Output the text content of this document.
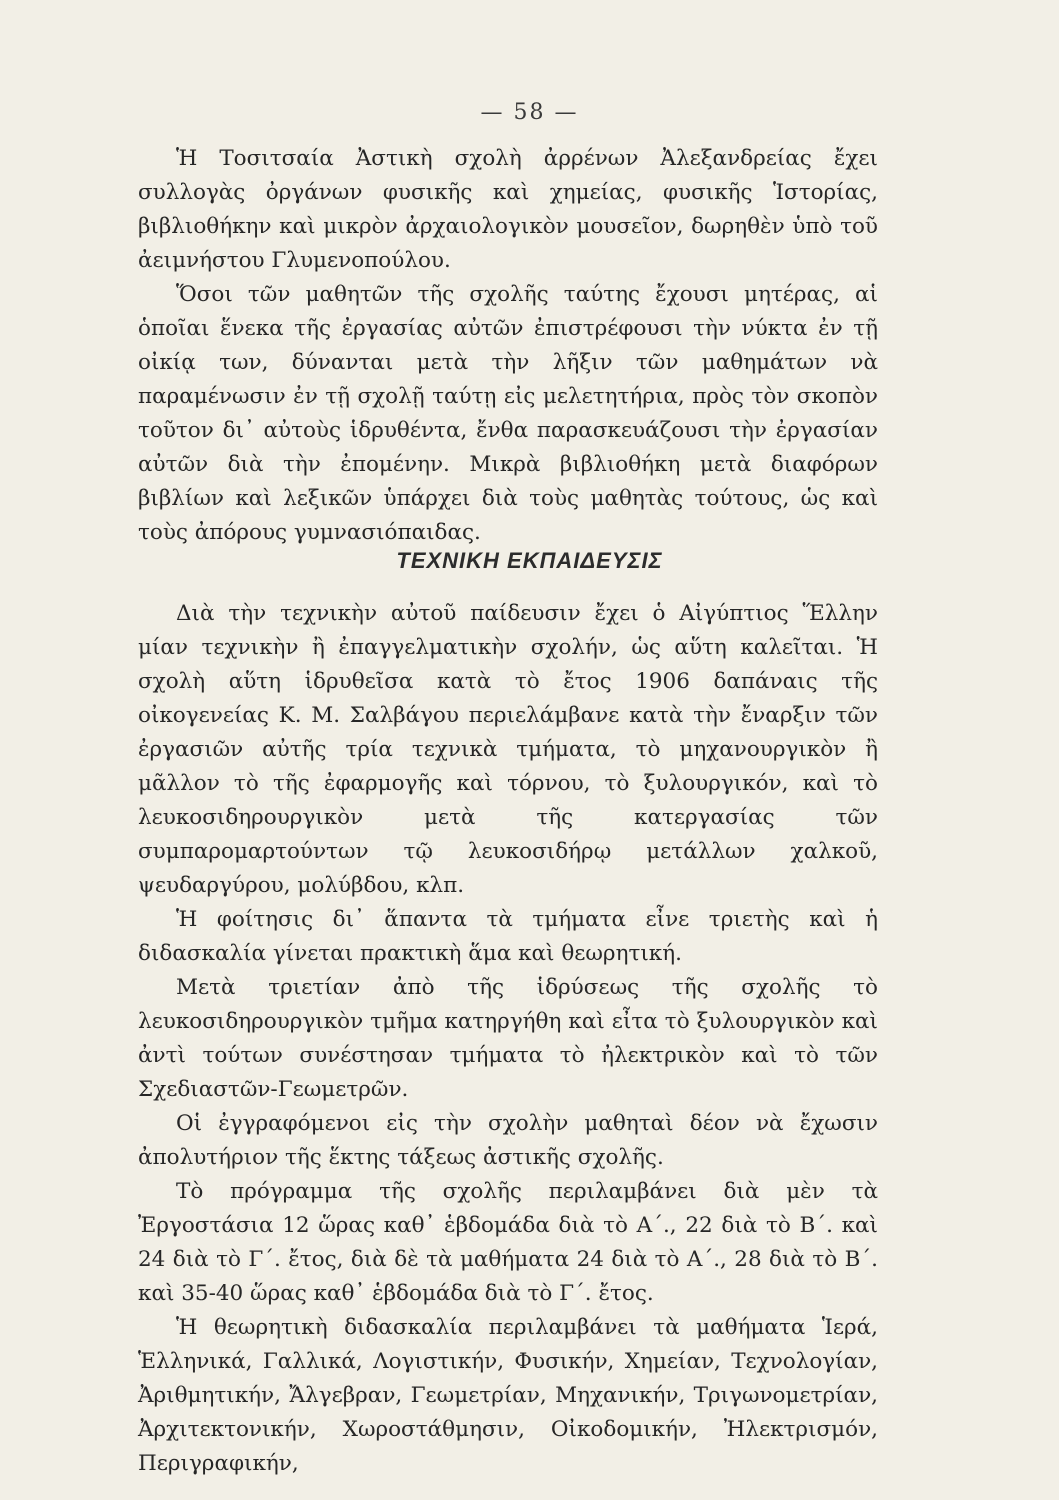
— 58 —

Ἡ Τοσιτσαία Ἀστικὴ σχολὴ ἀρρένων Ἀλεξανδρείας ἔχει συλλογὰς ὀργάνων φυσικῆς καὶ χημείας, φυσικῆς Ἱστορίας, βιβλιοθήκην καὶ μικρὸν ἀρχαιολογικὸν μουσεῖον, δωρηθὲν ὑπὸ τοῦ ἀειμνήστου Γλυμενοπούλου.

Ὅσοι τῶν μαθητῶν τῆς σχολῆς ταύτης ἔχουσι μητέρας, αἱ ὁποῖαι ἕνεκα τῆς ἐργασίας αὐτῶν ἐπιστρέφουσι τὴν νύκτα ἐν τῇ οἰκίᾳ των, δύνανται μετὰ τὴν λῆξιν τῶν μαθημάτων νὰ παραμένωσιν ἐν τῇ σχολῇ ταύτῃ εἰς μελετητήρια, πρὸς τὸν σκοπὸν τοῦτον δι᾽ αὐτοὺς ἱδρυθέντα, ἔνθα παρασκευάζουσι τὴν ἐργασίαν αὐτῶν διὰ τὴν ἐπομένην. Μικρὰ βιβλιοθήκη μετὰ διαφόρων βιβλίων καὶ λεξικῶν ὑπάρχει διὰ τοὺς μαθητὰς τούτους, ὡς καὶ τοὺς ἀπόρους γυμνασιόπαιδας.

ΤΕΧΝΙΚΗ ΕΚΠΑΙΔΕΥΣΙΣ

Διὰ τὴν τεχνικὴν αὐτοῦ παίδευσιν ἔχει ὁ Αἰγύπτιος Ἕλλην μίαν τεχνικὴν ἢ ἐπαγγελματικὴν σχολήν, ὡς αὕτη καλεῖται. Ἡ σχολὴ αὕτη ἱδρυθεῖσα κατὰ τὸ ἔτος 1906 δαπάναις τῆς οἰκογενείας Κ. Μ. Σαλβάγου περιελάμβανε κατὰ τὴν ἔναρξιν τῶν ἐργασιῶν αὐτῆς τρία τεχνικὰ τμήματα, τὸ μηχανουργικὸν ἢ μᾶλλον τὸ τῆς ἐφαρμογῆς καὶ τόρνου, τὸ ξυλουργικόν, καὶ τὸ λευκοσιδηρουργικὸν μετὰ τῆς κατεργασίας τῶν συμπαρομαρτούντων τῷ λευκοσιδήρῳ μετάλλων χαλκοῦ, ψευδαργύρου, μολύβδου, κλπ.

Ἡ φοίτησις δι᾽ ἅπαντα τὰ τμήματα εἶνε τριετὴς καὶ ἡ διδασκαλία γίνεται πρακτικὴ ἅμα καὶ θεωρητική.

Μετὰ τριετίαν ἀπὸ τῆς ἱδρύσεως τῆς σχολῆς τὸ λευκοσιδηρουργικὸν τμῆμα κατηργήθη καὶ εἶτα τὸ ξυλουργικὸν καὶ ἀντὶ τούτων συνέστησαν τμήματα τὸ ἠλεκτρικὸν καὶ τὸ τῶν Σχεδιαστῶν-Γεωμετρῶν.

Οἱ ἐγγραφόμενοι εἰς τὴν σχολὴν μαθηταὶ δέον νὰ ἔχωσιν ἀπολυτήριον τῆς ἕκτης τάξεως ἀστικῆς σχολῆς.

Τὸ πρόγραμμα τῆς σχολῆς περιλαμβάνει διὰ μὲν τὰ Ἐργοστάσια 12 ὥρας καθ᾽ ἑβδομάδα διὰ τὸ Α΄., 22 διὰ τὸ Β΄. καὶ 24 διὰ τὸ Γ΄. ἔτος, διὰ δὲ τὰ μαθήματα 24 διὰ τὸ Α΄., 28 διὰ τὸ Β΄. καὶ 35-40 ὥρας καθ᾽ ἑβδομάδα διὰ τὸ Γ΄. ἔτος.

Ἡ θεωρητικὴ διδασκαλία περιλαμβάνει τὰ μαθήματα Ἱερά, Ἑλληνικά, Γαλλικά, Λογιστικήν, Φυσικήν, Χημείαν, Τεχνολογίαν, Ἀριθμητικήν, Ἄλγεβραν, Γεωμετρίαν, Μηχανικήν, Τριγωνομετρίαν, Ἀρχιτεκτονικήν, Χωροστάθμησιν, Οἰκοδομικήν, Ἠλεκτρισμόν, Περιγραφικήν,
